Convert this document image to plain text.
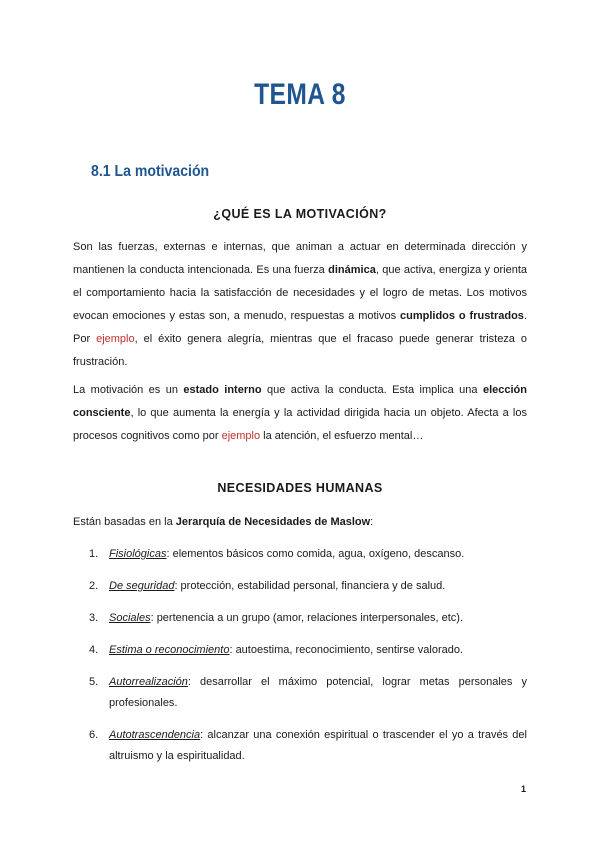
TEMA 8
8.1 La motivación
¿QUÉ ES LA MOTIVACIÓN?

Son las fuerzas, externas e internas, que animan a actuar en determinada dirección y mantienen la conducta intencionada. Es una fuerza dinámica, que activa, energiza y orienta el comportamiento hacia la satisfacción de necesidades y el logro de metas. Los motivos evocan emociones y estas son, a menudo, respuestas a motivos cumplidos o frustrados. Por ejemplo, el éxito genera alegría, mientras que el fracaso puede generar tristeza o frustración.

La motivación es un estado interno que activa la conducta. Esta implica una elección consciente, lo que aumenta la energía y la actividad dirigida hacia un objeto. Afecta a los procesos cognitivos como por ejemplo la atención, el esfuerzo mental…

NECESIDADES HUMANAS
Están basadas en la Jerarquía de Necesidades de Maslow:
1. Fisiológicas: elementos básicos como comida, agua, oxígeno, descanso.
2. De seguridad: protección, estabilidad personal, financiera y de salud.
3. Sociales: pertenencia a un grupo (amor, relaciones interpersonales, etc).
4. Estima o reconocimiento: autoestima, reconocimiento, sentirse valorado.
5. Autorrealización: desarrollar el máximo potencial, lograr metas personales y profesionales.
6. Autotrascendencia: alcanzar una conexión espiritual o trascender el yo a través del altruismo y la espiritualidad.
1
